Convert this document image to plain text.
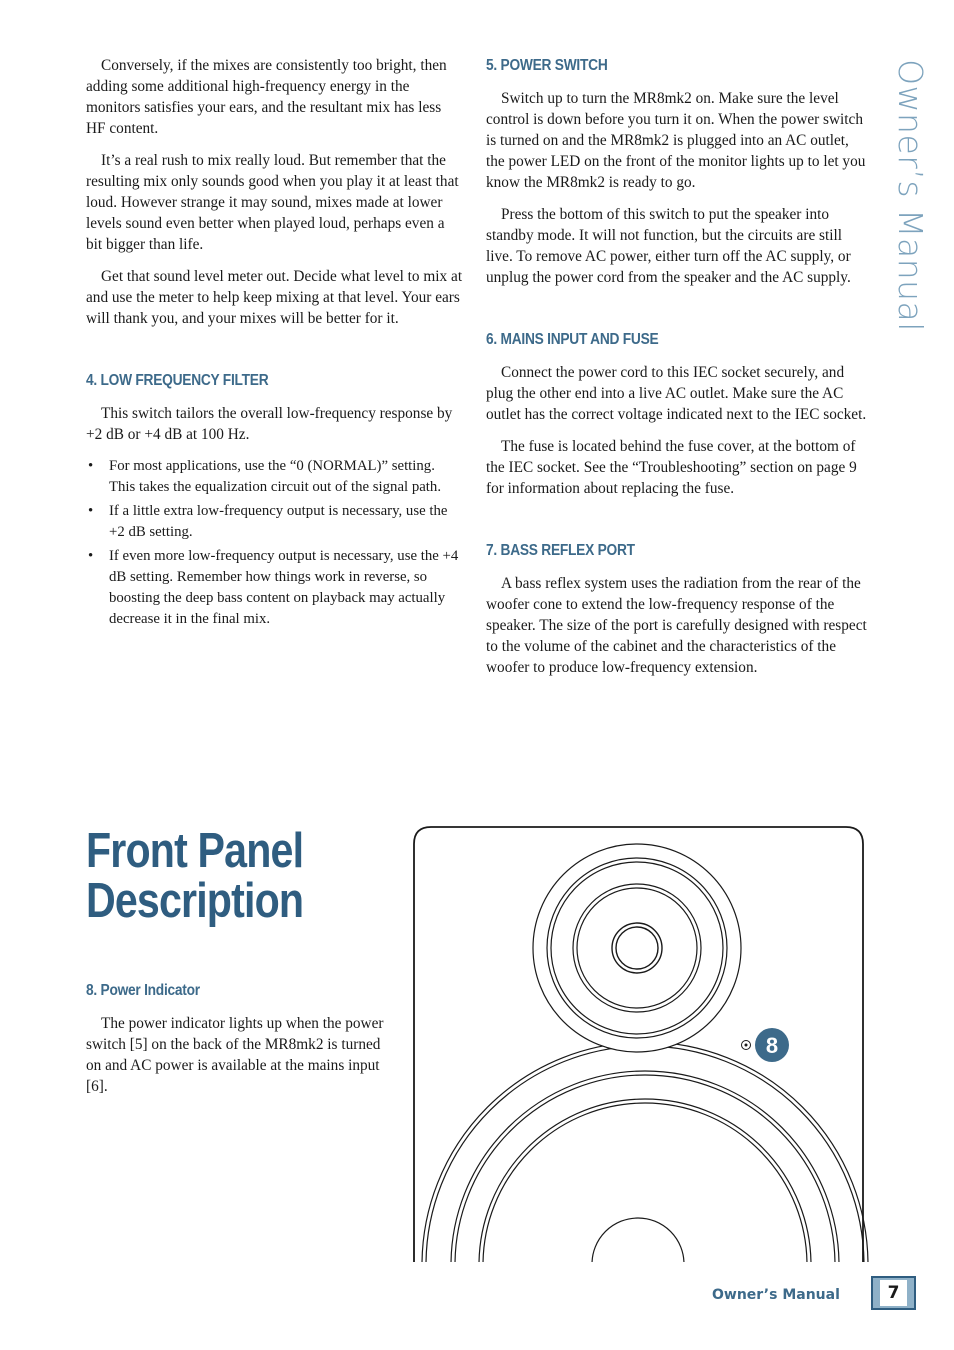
Conversely, if the mixes are consistently too bright, then adding some additional high-frequency energy in the monitors satisfies your ears, and the resultant mix has less HF content.

It’s a real rush to mix really loud. But remember that the resulting mix only sounds good when you play it at least that loud. However strange it may sound, mixes made at lower levels sound even better when played loud, perhaps even a bit bigger than life.

Get that sound level meter out. Decide what level to mix at and use the meter to help keep mixing at that level. Your ears will thank you, and your mixes will be better for it.

4. LOW FREQUENCY FILTER

This switch tailors the overall low-frequency response by +2 dB or +4 dB at 100 Hz.

• For most applications, use the “0 (NORMAL)” setting. This takes the equalization circuit out of the signal path.
• If a little extra low-frequency output is necessary, use the +2 dB setting.
• If even more low-frequency output is necessary, use the +4 dB setting. Remember how things work in reverse, so boosting the deep bass content on playback may actually decrease it in the final mix.
5. POWER SWITCH

Switch up to turn the MR8mk2 on. Make sure the level control is down before you turn it on. When the power switch is turned on and the MR8mk2 is plugged into an AC outlet, the power LED on the front of the monitor lights up to let you know the MR8mk2 is ready to go.

Press the bottom of this switch to put the speaker into standby mode. It will not function, but the circuits are still live. To remove AC power, either turn off the AC supply, or unplug the power cord from the speaker and the AC supply.

6. MAINS INPUT AND FUSE

Connect the power cord to this IEC socket securely, and plug the other end into a live AC outlet. Make sure the AC outlet has the correct voltage indicated next to the IEC socket.

The fuse is located behind the fuse cover, at the bottom of the IEC socket. See the “Troubleshooting” section on page 9 for information about replacing the fuse.

7. BASS REFLEX PORT

A bass reflex system uses the radiation from the rear of the woofer cone to extend the low-frequency response of the speaker. The size of the port is carefully designed with respect to the volume of the cabinet and the characteristics of the woofer to produce low-frequency extension.

Owner’s Manual
Front Panel
Description
8. Power Indicator

The power indicator lights up when the power switch [5] on the back of the MR8mk2 is turned on and AC power is available at the mains input [6].

8
Owner’s Manual	7
